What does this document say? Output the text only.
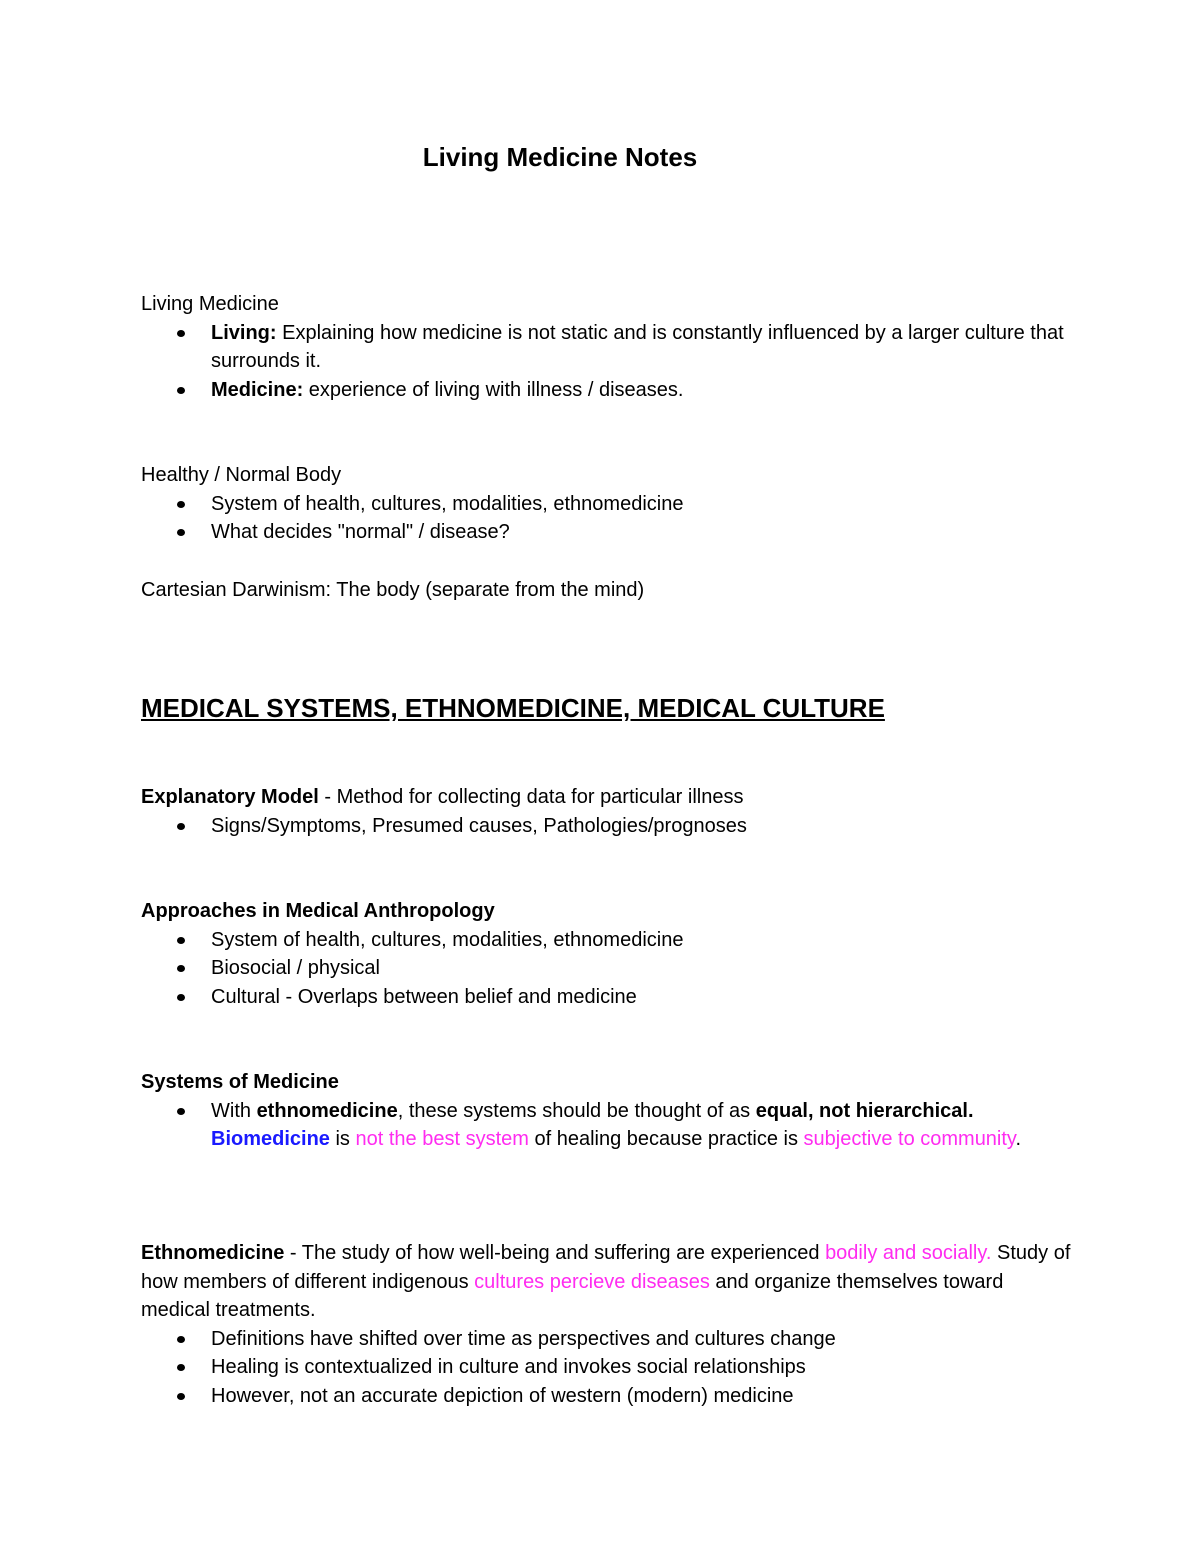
Living Medicine Notes

Living Medicine

Living: Explaining how medicine is not static and is constantly influenced by a larger culture that surrounds it.
Medicine: experience of living with illness / diseases.

Healthy / Normal Body

System of health, cultures, modalities, ethnomedicine
What decides "normal" / disease?
Cartesian Darwinism: The body (separate from the mind)
MEDICAL SYSTEMS, ETHNOMEDICINE, MEDICAL CULTURE

Explanatory Model - Method for collecting data for particular illness

Signs/Symptoms, Presumed causes, Pathologies/prognoses

Approaches in Medical Anthropology

System of health, cultures, modalities, ethnomedicine
Biosocial / physical
Cultural - Overlaps between belief and medicine

Systems of Medicine

With ethnomedicine, these systems should be thought of as equal, not hierarchical.
Biomedicine is not the best system of healing because practice is subjective to community.

Ethnomedicine - The study of how well-being and suffering are experienced bodily and socially. Study of how members of different indigenous cultures percieve diseases and organize themselves toward medical treatments.

Definitions have shifted over time as perspectives and cultures change
Healing is contextualized in culture and invokes social relationships
However, not an accurate depiction of western (modern) medicine
